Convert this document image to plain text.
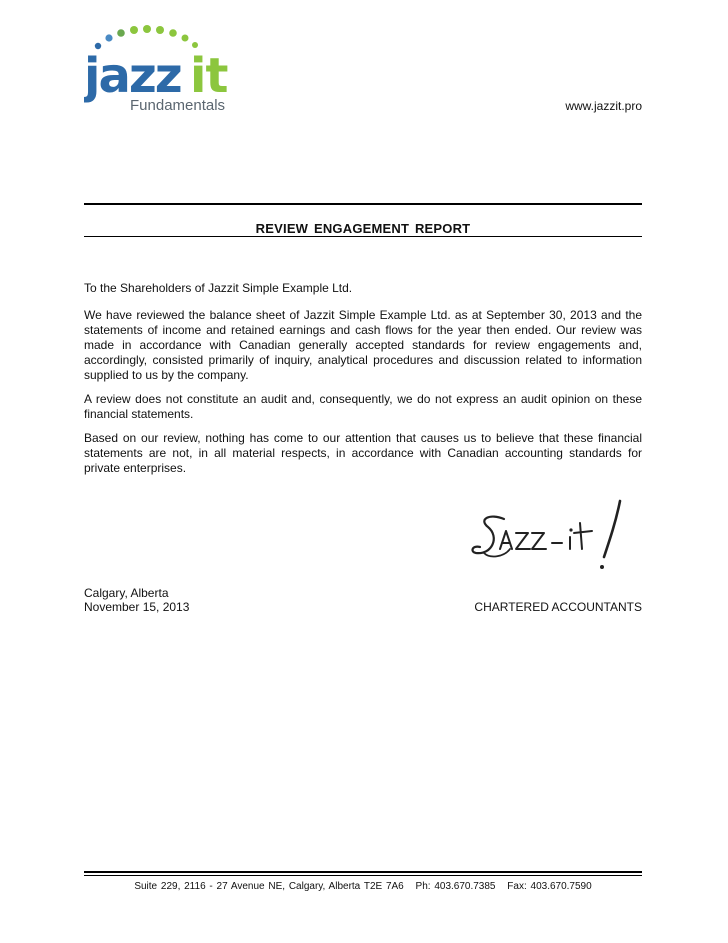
jazz it
Fundamentals	www.jazzit.pro
REVIEW ENGAGEMENT REPORT

To the Shareholders of Jazzit Simple Example Ltd.

We have reviewed the balance sheet of Jazzit Simple Example Ltd. as at September 30, 2013 and the statements of income and retained earnings and cash flows for the year then ended. Our review was made in accordance with Canadian generally accepted standards for review engagements and, accordingly, consisted primarily of inquiry, analytical procedures and discussion related to information supplied to us by the company.

A review does not constitute an audit and, consequently, we do not express an audit opinion on these financial statements.

Based on our review, nothing has come to our attention that causes us to believe that these financial statements are not, in all material respects, in accordance with Canadian accounting standards for private enterprises.

Calgary, Alberta
November 15, 2013	CHARTERED ACCOUNTANTS
Suite 229, 2116 - 27 Avenue NE, Calgary, Alberta T2E 7A6 Ph: 403.670.7385 Fax: 403.670.7590
